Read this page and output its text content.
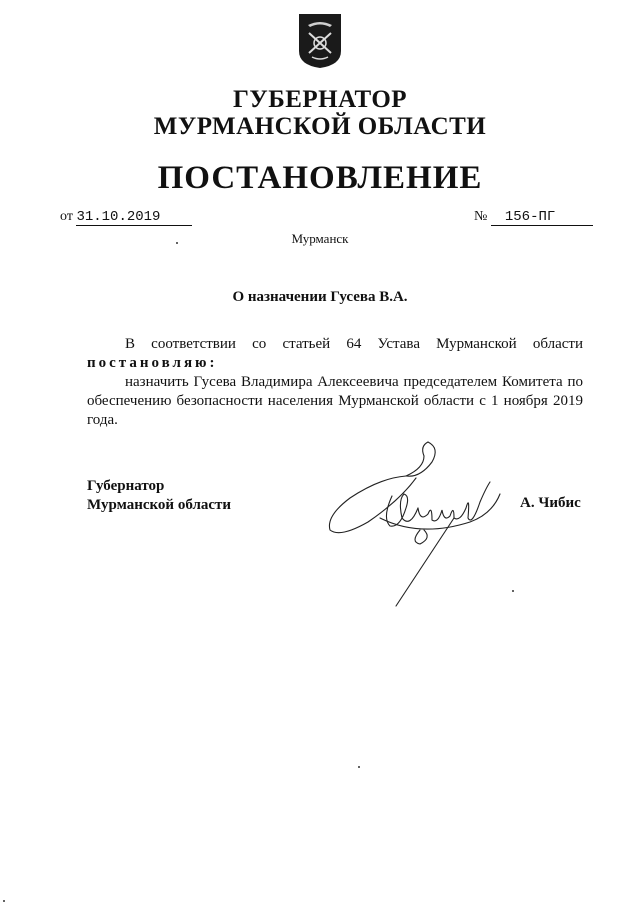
ГУБЕРНАТОР
МУРМАНСКОЙ ОБЛАСТИ
ПОСТАНОВЛЕНИЕ
от 31.10.2019	№ 156-ПГ
Мурманск
О назначении Гусева В.А.
В соответствии со статьей 64 Устава Мурманской области
постановляю:
назначить Гусева Владимира Алексеевича председателем Комитета по обеспечению безопасности населения Мурманской области с 1 ноября 2019 года.
Губернатор
Мурманской области	А. Чибис
